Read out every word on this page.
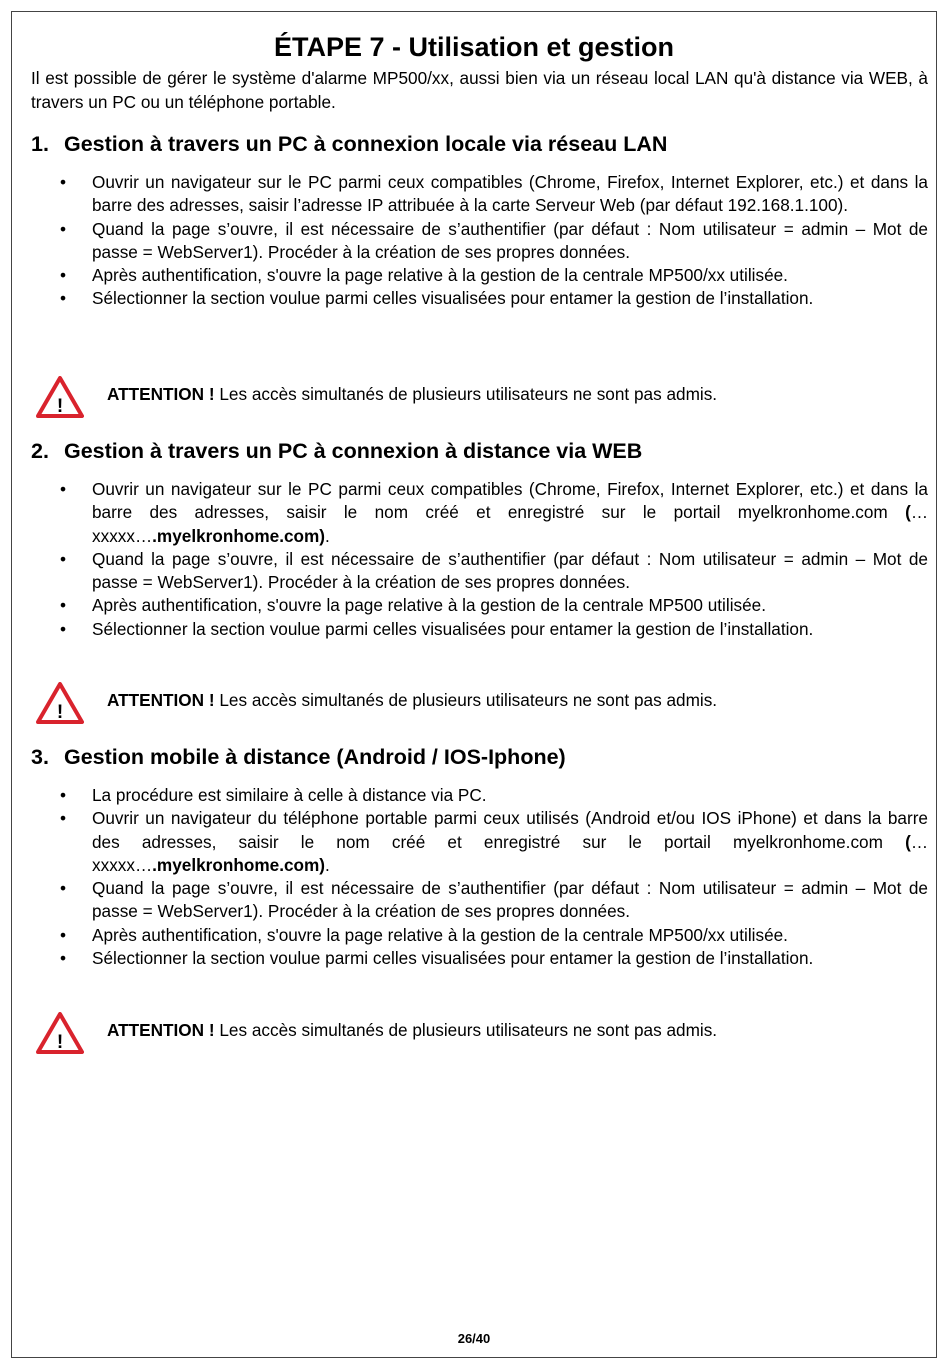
ÉTAPE 7 - Utilisation et gestion
Il est possible de gérer le système d'alarme MP500/xx, aussi bien via un réseau local LAN qu'à distance via WEB, à travers un PC ou un téléphone portable.
1. Gestion à travers un PC à connexion locale via réseau LAN
• Ouvrir un navigateur sur le PC parmi ceux compatibles (Chrome, Firefox, Internet Explorer, etc.) et dans la barre des adresses, saisir l’adresse IP attribuée à la carte Serveur Web (par défaut 192.168.1.100).
• Quand la page s’ouvre, il est nécessaire de s’authentifier (par défaut : Nom utilisateur = admin – Mot de passe = WebServer1). Procéder à la création de ses propres données.
• Après authentification, s'ouvre la page relative à la gestion de la centrale MP500/xx utilisée.
• Sélectionner la section voulue parmi celles visualisées pour entamer la gestion de l’installation.
!
ATTENTION ! Les accès simultanés de plusieurs utilisateurs ne sont pas admis.
2. Gestion à travers un PC à connexion à distance via WEB
• Ouvrir un navigateur sur le PC parmi ceux compatibles (Chrome, Firefox, Internet Explorer, etc.) et dans la barre des adresses, saisir le nom créé et enregistré sur le portail myelkronhome.com (…xxxxx….myelkronhome.com).
• Quand la page s’ouvre, il est nécessaire de s’authentifier (par défaut : Nom utilisateur = admin – Mot de passe = WebServer1). Procéder à la création de ses propres données.
• Après authentification, s'ouvre la page relative à la gestion de la centrale MP500 utilisée.
• Sélectionner la section voulue parmi celles visualisées pour entamer la gestion de l’installation.
!
ATTENTION ! Les accès simultanés de plusieurs utilisateurs ne sont pas admis.
3. Gestion mobile à distance (Android / IOS-Iphone)
• La procédure est similaire à celle à distance via PC.
• Ouvrir un navigateur du téléphone portable parmi ceux utilisés (Android et/ou IOS iPhone) et dans la barre des adresses, saisir le nom créé et enregistré sur le portail myelkronhome.com (…xxxxx….myelkronhome.com).
• Quand la page s’ouvre, il est nécessaire de s’authentifier (par défaut : Nom utilisateur = admin – Mot de passe = WebServer1). Procéder à la création de ses propres données.
• Après authentification, s'ouvre la page relative à la gestion de la centrale MP500/xx utilisée.
• Sélectionner la section voulue parmi celles visualisées pour entamer la gestion de l’installation.
!
ATTENTION ! Les accès simultanés de plusieurs utilisateurs ne sont pas admis.
26/40
